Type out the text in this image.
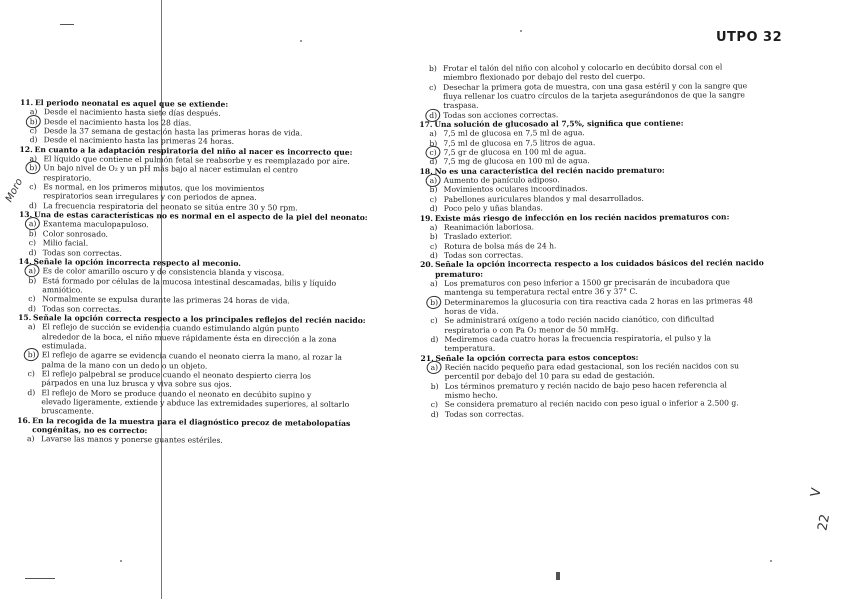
UTPO 32
11. El periodo neonatal es aquel que se extiende:
a) Desde el nacimiento hasta siete días después.
b) Desde el nacimiento hasta los 28 días.
c) Desde la 37 semana de gestación hasta las primeras horas de vida.
d) Desde el nacimiento hasta las primeras 24 horas.
12. En cuanto a la adaptación respiratoria del niño al nacer es incorrecto que:
a) El líquido que contiene el pulmón fetal se reabsorbe y es reemplazado por aire.
b) Un bajo nivel de O₂ y un pH más bajo al nacer estimulan el centro
respiratorio.
c) Es normal, en los primeros minutos, que los movimientos
respiratorios sean irregulares y con periodos de apnea.
d) La frecuencia respiratoria del neonato se sitúa entre 30 y 50 rpm.
13. Una de estas características no es normal en el aspecto de la piel del neonato:
a) Exantema maculopapuloso.
b) Color sonrosado.
c) Milio facial.
d) Todas son correctas.
14. Señale la opción incorrecta respecto al meconio.
a) Es de color amarillo oscuro y de consistencia blanda y viscosa.
b) Está formado por células de la mucosa intestinal descamadas, bilis y líquido
amniótico.
c) Normalmente se expulsa durante las primeras 24 horas de vida.
d) Todas son correctas.
15. Señale la opción correcta respecto a los principales reflejos del recién nacido:
a) El reflejo de succión se evidencia cuando estimulando algún punto
alrededor de la boca, el niño mueve rápidamente ésta en dirección a la zona
estimulada.
b) El reflejo de agarre se evidencia cuando el neonato cierra la mano, al rozar la
palma de la mano con un dedo o un objeto.
c) El reflejo palpebral se produce cuando el neonato despierto cierra los
párpados en una luz brusca y viva sobre sus ojos.
d) El reflejo de Moro se produce cuando el neonato en decúbito supino y
elevado ligeramente, extiende y abduce las extremidades superiores, al soltarlo
bruscamente.
16. En la recogida de la muestra para el diagnóstico precoz de metabolopatías
congénitas, no es correcto:
a) Lavarse las manos y ponerse guantes estériles.
b) Frotar el talón del niño con alcohol y colocarlo en decúbito dorsal con el
miembro flexionado por debajo del resto del cuerpo.
c) Desechar la primera gota de muestra, con una gasa estéril y con la sangre que
fluya rellenar los cuatro círculos de la tarjeta asegurándonos de que la sangre
traspasa.
d) Todas son acciones correctas.
17. Una solución de glucosado al 7,5%, significa que contiene:
a) 7,5 ml de glucosa en 7,5 ml de agua.
b) 7,5 ml de glucosa en 7,5 litros de agua.
c) 7,5 gr de glucosa en 100 ml de agua.
d) 7,5 mg de glucosa en 100 ml de agua.
18. No es una característica del recién nacido prematuro:
a) Aumento de panículo adiposo.
b) Movimientos oculares incoordinados.
c) Pabellones auriculares blandos y mal desarrollados.
d) Poco pelo y uñas blandas.
19. Existe más riesgo de infección en los recién nacidos prematuros con:
a) Reanimación laboriosa.
b) Traslado exterior.
c) Rotura de bolsa más de 24 h.
d) Todas son correctas.
20. Señale la opción incorrecta respecto a los cuidados básicos del recién nacido
prematuro:
a) Los prematuros con peso inferior a 1500 gr precisarán de incubadora que
mantenga su temperatura rectal entre 36 y 37° C.
b) Determinaremos la glucosuria con tira reactiva cada 2 horas en las primeras 48
horas de vida.
c) Se administrará oxígeno a todo recién nacido cianótico, con dificultad
respiratoria o con Pa O₂ menor de 50 mmHg.
d) Mediremos cada cuatro horas la frecuencia respiratoria, el pulso y la
temperatura.
21. Señale la opción correcta para estos conceptos:
a) Recién nacido pequeño para edad gestacional, son los recién nacidos con su
percentil por debajo del 10 para su edad de gestación.
b) Los términos prematuro y recién nacido de bajo peso hacen referencia al
mismo hecho.
c) Se considera prematuro al recién nacido con peso igual o inferior a 2.500 g.
d) Todas son correctas.
Moro
V
22
